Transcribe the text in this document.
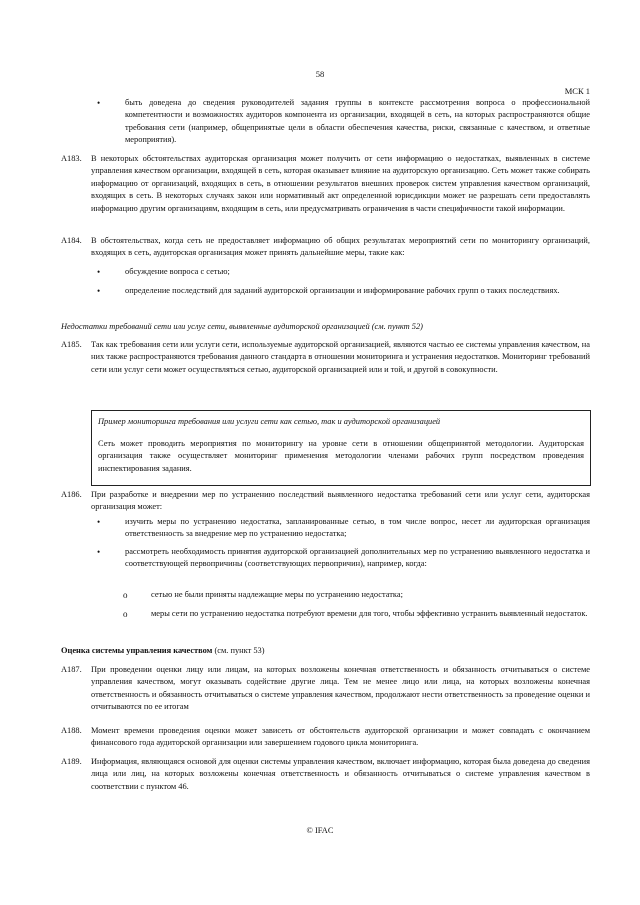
58
МСК 1
•	быть доведена до сведения руководителей задания группы в контексте рассмотрения вопроса о профессиональной компетентности и возможностях аудиторов компонента из организации, входящей в сеть, на которых распространяются общие требования сети (например, общепринятые цели в области обеспечения качества, риски, связанные с качеством, и ответные мероприятия).
A183. В некоторых обстоятельствах аудиторская организация может получить от сети информацию о недостатках, выявленных в системе управления качеством организации, входящей в сеть, которая оказывает влияние на аудиторскую организацию. Сеть может также собирать информацию от организаций, входящих в сеть, в отношении результатов внешних проверок систем управления качеством организаций, входящих в сеть. В некоторых случаях закон или нормативный акт определенной юрисдикции может не разрешать сети предоставлять информацию другим организациям, входящим в сеть, или предусматривать ограничения в части специфичности такой информации.
A184. В обстоятельствах, когда сеть не предоставляет информацию об общих результатах мероприятий сети по мониторингу организаций, входящих в сеть, аудиторская организация может принять дальнейшие меры, такие как:
•	обсуждение вопроса с сетью;
•	определение последствий для заданий аудиторской организации и информирование рабочих групп о таких последствиях.
Недостатки требований сети или услуг сети, выявленные аудиторской организацией (см. пункт 52)
A185. Так как требования сети или услуги сети, используемые аудиторской организацией, являются частью ее системы управления качеством, на них также распространяются требования данного стандарта в отношении мониторинга и устранения недостатков. Мониторинг требований сети или услуг сети может осуществляться сетью, аудиторской организацией или и той, и другой в совокупности.
Пример мониторинга требования или услуги сети как сетью, так и аудиторской организацией
Сеть может проводить мероприятия по мониторингу на уровне сети в отношении общепринятой методологии. Аудиторская организация также осуществляет мониторинг применения методологии членами рабочих групп посредством проведения инспектирования задания.
A186. При разработке и внедрении мер по устранению последствий выявленного недостатка требований сети или услуг сети, аудиторская организация может:
•	изучить меры по устранению недостатка, запланированные сетью, в том числе вопрос, несет ли аудиторская организация ответственность за внедрение мер по устранению недостатка;
•	рассмотреть необходимость принятия аудиторской организацией дополнительных мер по устранению выявленного недостатка и соответствующей первопричины (соответствующих первопричин), например, когда:
o	сетью не были приняты надлежащие меры по устранению недостатка;
o	меры сети по устранению недостатка потребуют времени для того, чтобы эффективно устранить выявленный недостаток.
Оценка системы управления качеством (см. пункт 53)
A187. При проведении оценки лицу или лицам, на которых возложены конечная ответственность и обязанность отчитываться о системе управления качеством, могут оказывать содействие другие лица. Тем не менее лицо или лица, на которых возложены конечная ответственность и обязанность отчитываться о системе управления качеством, продолжают нести ответственность за проведение оценки и отчитываются по ее итогам
A188. Момент времени проведения оценки может зависеть от обстоятельств аудиторской организации и может совпадать с окончанием финансового года аудиторской организации или завершением годового цикла мониторинга.
A189. Информация, являющаяся основой для оценки системы управления качеством, включает информацию, которая была доведена до сведения лица или лиц, на которых возложены конечная ответственность и обязанность отчитываться о системе управления качеством в соответствии с пунктом 46.
© IFAC
